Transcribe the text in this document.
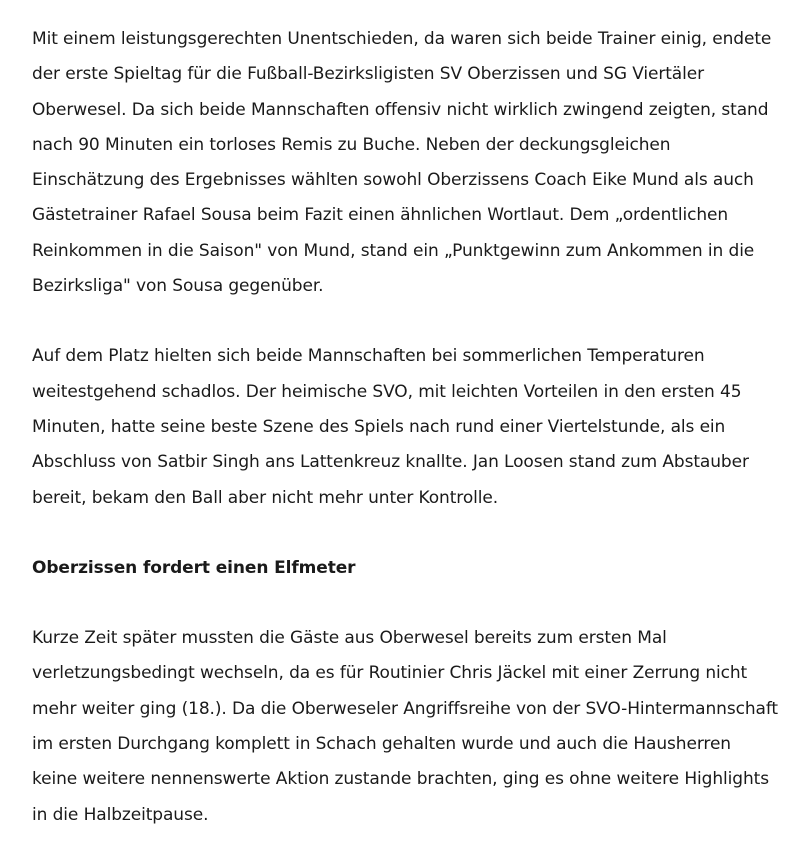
Mit einem leistungsgerechten Unentschieden, da waren sich beide Trainer einig, endete der erste Spieltag für die Fußball-Bezirksligisten SV Oberzissen und SG Viertäler Oberwesel. Da sich beide Mannschaften offensiv nicht wirklich zwingend zeigten, stand nach 90 Minuten ein torloses Remis zu Buche. Neben der deckungsgleichen Einschätzung des Ergebnisses wählten sowohl Oberzissens Coach Eike Mund als auch Gästetrainer Rafael Sousa beim Fazit einen ähnlichen Wortlaut. Dem „ordentlichen Reinkommen in die Saison" von Mund, stand ein „Punktgewinn zum Ankommen in die Bezirksliga" von Sousa gegenüber.

Auf dem Platz hielten sich beide Mannschaften bei sommerlichen Temperaturen weitestgehend schadlos. Der heimische SVO, mit leichten Vorteilen in den ersten 45 Minuten, hatte seine beste Szene des Spiels nach rund einer Viertelstunde, als ein Abschluss von Satbir Singh ans Lattenkreuz knallte. Jan Loosen stand zum Abstauber bereit, bekam den Ball aber nicht mehr unter Kontrolle.

Oberzissen fordert einen Elfmeter

Kurze Zeit später mussten die Gäste aus Oberwesel bereits zum ersten Mal verletzungsbedingt wechseln, da es für Routinier Chris Jäckel mit einer Zerrung nicht mehr weiter ging (18.). Da die Oberweseler Angriffsreihe von der SVO-Hintermannschaft im ersten Durchgang komplett in Schach gehalten wurde und auch die Hausherren keine weitere nennenswerte Aktion zustande brachten, ging es ohne weitere Highlights in die Halbzeitpause.
